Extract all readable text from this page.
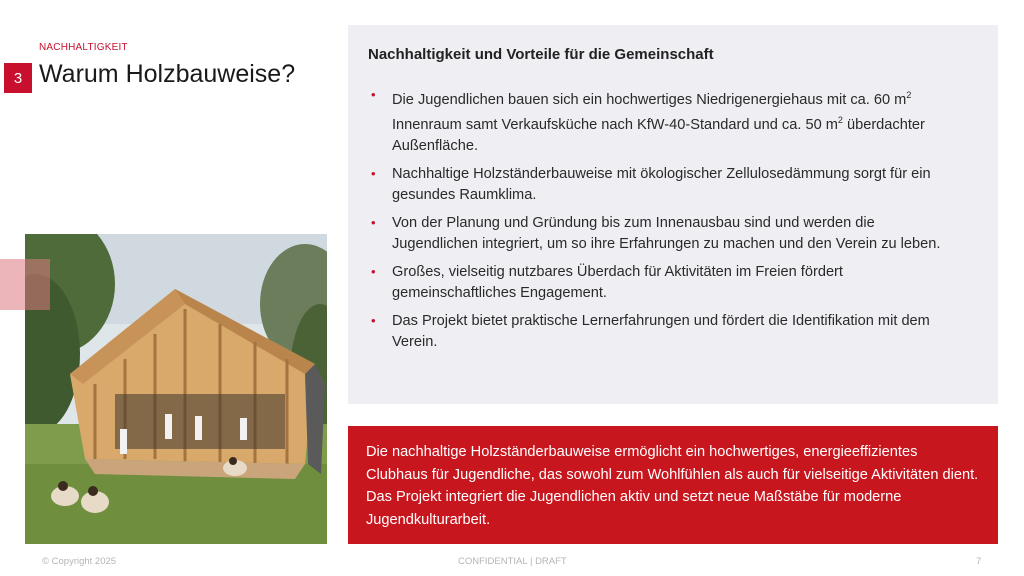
NACHHALTIGKEIT
3 Warum Holzbauweise?
Nachhaltigkeit und Vorteile für die Gemeinschaft
• Die Jugendlichen bauen sich ein hochwertiges Niedrigenergiehaus mit ca. 60 $m^2$ Innenraum samt Verkaufsküche nach KfW-40-Standard und ca. 50 $m^2$ überdachter Außenfläche.
• Nachhaltige Holzständerbauweise mit ökologischer Zellulosedämmung sorgt für ein gesundes Raumklima.
• Von der Planung und Gründung bis zum Innenausbau sind und werden die Jugendlichen integriert, um so ihre Erfahrungen zu machen und den Verein zu leben.
• Großes, vielseitig nutzbares Überdach für Aktivitäten im Freien fördert gemeinschaftliches Engagement.
• Das Projekt bietet praktische Lernerfahrungen und fördert die Identifikation mit dem Verein.

Die nachhaltige Holzständerbauweise ermöglicht ein hochwertiges, energieeffizientes Clubhaus für Jugendliche, das sowohl zum Wohlfühlen als auch für vielseitige Aktivitäten dient. Das Projekt integriert die Jugendlichen aktiv und setzt neue Maßstäbe für moderne Jugendkulturarbeit.

© Copyright 2025	CONFIDENTIAL | DRAFT	7
